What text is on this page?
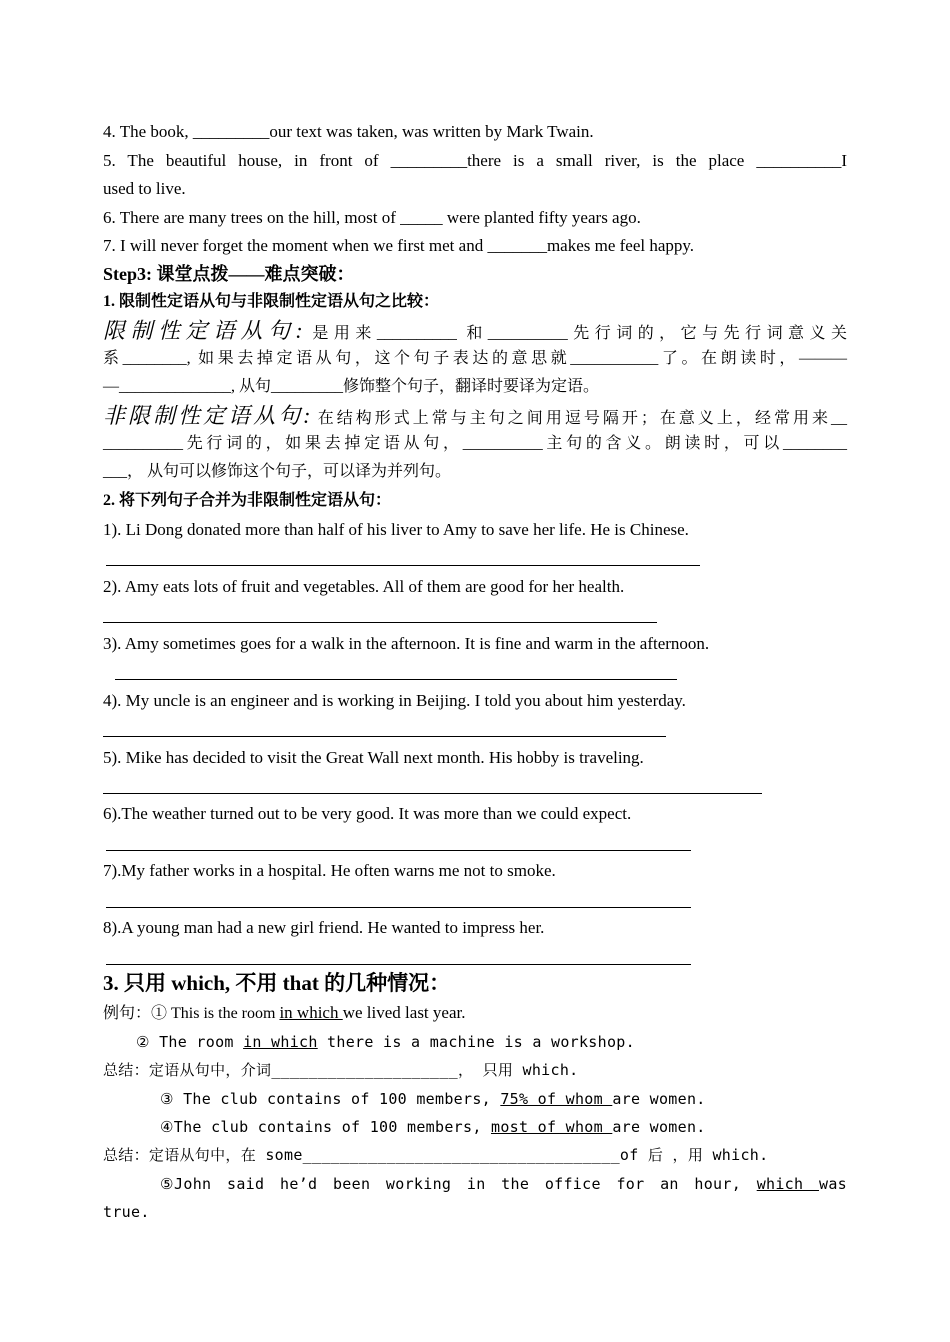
4. The book, _________our text was taken, was written by Mark Twain.
5. The beautiful house, in front of _________there is a small river, is the place __________I
used to live.
6. There are many trees on the hill, most of _____ were planted fifty years ago.
7. I will never forget the moment when we first met and _______makes me feel happy.
Step3: 课堂点拨——难点突破：
1. 限制性定语从句与非限制性定语从句之比较：
限制性定语从句: 是用来__________ 和__________先行词的，它与先行词意义关
系________, 如果去掉定语从句，这个句子表达的意思就___________了。在朗读时，———
—______________, 从句_________修饰整个句子，翻译时要译为定语。
非限制性定语从句: 在结构形式上常与主句之间用逗号隔开；在意义上，经常用来__
__________先行词的，如果去掉定语从句，__________主句的含义。朗读时，可以________
___， 从句可以修饰这个句子，可以译为并列句。
2. 将下列句子合并为非限制性定语从句：
1). Li Dong donated more than half of his liver to Amy to save her life. He is Chinese.
2). Amy eats lots of fruit and vegetables. All of them are good for her health.
3). Amy sometimes goes for a walk in the afternoon. It is fine and warm in the afternoon.
4). My uncle is an engineer and is working in Beijing. I told you about him yesterday.
5). Mike has decided to visit the Great Wall next month. His hobby is traveling.
6).The weather turned out to be very good. It was more than we could expect.
7).My father works in a hospital. He often warns me not to smoke.
8).A young man had a new girl friend. He wanted to impress her.
3. 只用 which, 不用 that 的几种情况：
例句：① This is the room in which we lived last year.
② The room in which there is a machine is a workshop.
总结：定语从句中，介词____________________， 只用 which.
③ The club contains of 100 members, 75% of whom are women.
④The club contains of 100 members, most of whom are women.
总结：定语从句中，在 some__________________________________of 后 ，用 which.
⑤John said he’d been working in the office for an hour, which was
true.
